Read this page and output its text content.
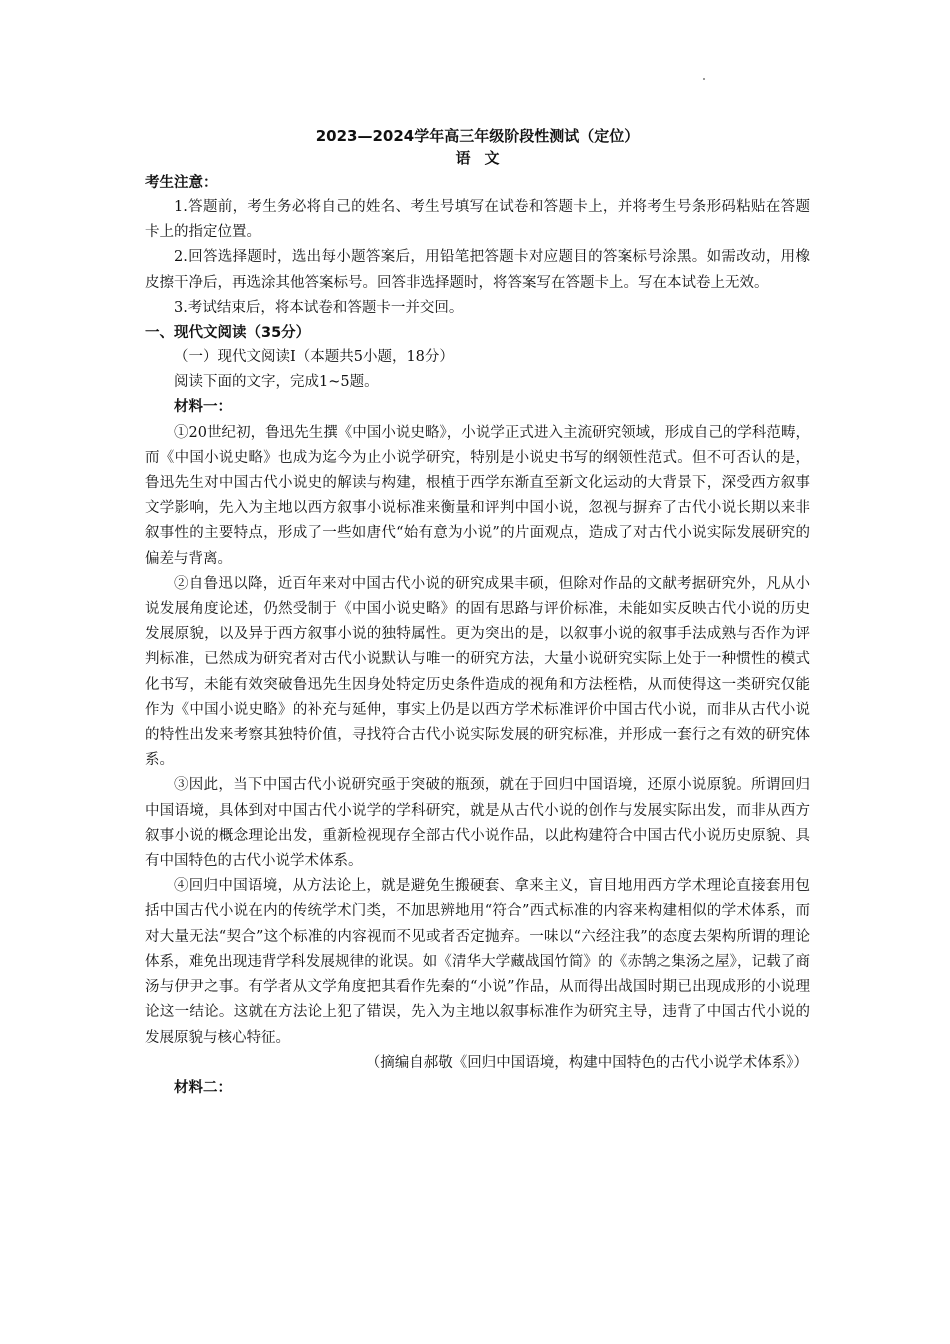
2023—2024学年高三年级阶段性测试（定位）

语文

考生注意：

1.答题前，考生务必将自己的姓名、考生号填写在试卷和答题卡上，并将考生号条形码粘贴在答题卡上的指定位置。

2.回答选择题时，选出每小题答案后，用铅笔把答题卡对应题目的答案标号涂黑。如需改动，用橡皮擦干净后，再选涂其他答案标号。回答非选择题时，将答案写在答题卡上。写在本试卷上无效。

3.考试结束后，将本试卷和答题卡一并交回。

一、现代文阅读（35分）

（一）现代文阅读Ⅰ（本题共5小题，18分）

阅读下面的文字，完成1~5题。

材料一：

①20世纪初，鲁迅先生撰《中国小说史略》，小说学正式进入主流研究领域，形成自己的学科范畴，而《中国小说史略》也成为迄今为止小说学研究，特别是小说史书写的纲领性范式。但不可否认的是，鲁迅先生对中国古代小说史的解读与构建，根植于西学东渐直至新文化运动的大背景下，深受西方叙事文学影响，先入为主地以西方叙事小说标准来衡量和评判中国小说，忽视与摒弃了古代小说长期以来非叙事性的主要特点，形成了一些如唐代“始有意为小说”的片面观点，造成了对古代小说实际发展研究的偏差与背离。

②自鲁迅以降，近百年来对中国古代小说的研究成果丰硕，但除对作品的文献考据研究外，凡从小说发展角度论述，仍然受制于《中国小说史略》的固有思路与评价标准，未能如实反映古代小说的历史发展原貌，以及异于西方叙事小说的独特属性。更为突出的是，以叙事小说的叙事手法成熟与否作为评判标准，已然成为研究者对古代小说默认与唯一的研究方法，大量小说研究实际上处于一种惯性的模式化书写，未能有效突破鲁迅先生因身处特定历史条件造成的视角和方法桎梏，从而使得这一类研究仅能作为《中国小说史略》的补充与延伸，事实上仍是以西方学术标准评价中国古代小说，而非从古代小说的特性出发来考察其独特价值，寻找符合古代小说实际发展的研究标准，并形成一套行之有效的研究体系。

③因此，当下中国古代小说研究亟于突破的瓶颈，就在于回归中国语境，还原小说原貌。所谓回归中国语境，具体到对中国古代小说学的学科研究，就是从古代小说的创作与发展实际出发，而非从西方叙事小说的概念理论出发，重新检视现存全部古代小说作品，以此构建符合中国古代小说历史原貌、具有中国特色的古代小说学术体系。

④回归中国语境，从方法论上，就是避免生搬硬套、拿来主义，盲目地用西方学术理论直接套用包括中国古代小说在内的传统学术门类，不加思辨地用“符合”西式标准的内容来构建相似的学术体系，而对大量无法“契合”这个标准的内容视而不见或者否定抛弃。一味以“六经注我”的态度去架构所谓的理论体系，难免出现违背学科发展规律的讹误。如《清华大学藏战国竹简》的《赤鹄之集汤之屋》，记载了商汤与伊尹之事。有学者从文学角度把其看作先秦的“小说”作品，从而得出战国时期已出现成形的小说理论这一结论。这就在方法论上犯了错误，先入为主地以叙事标准作为研究主导，违背了中国古代小说的发展原貌与核心特征。

（摘编自郝敬《回归中国语境，构建中国特色的古代小说学术体系》）

材料二：
